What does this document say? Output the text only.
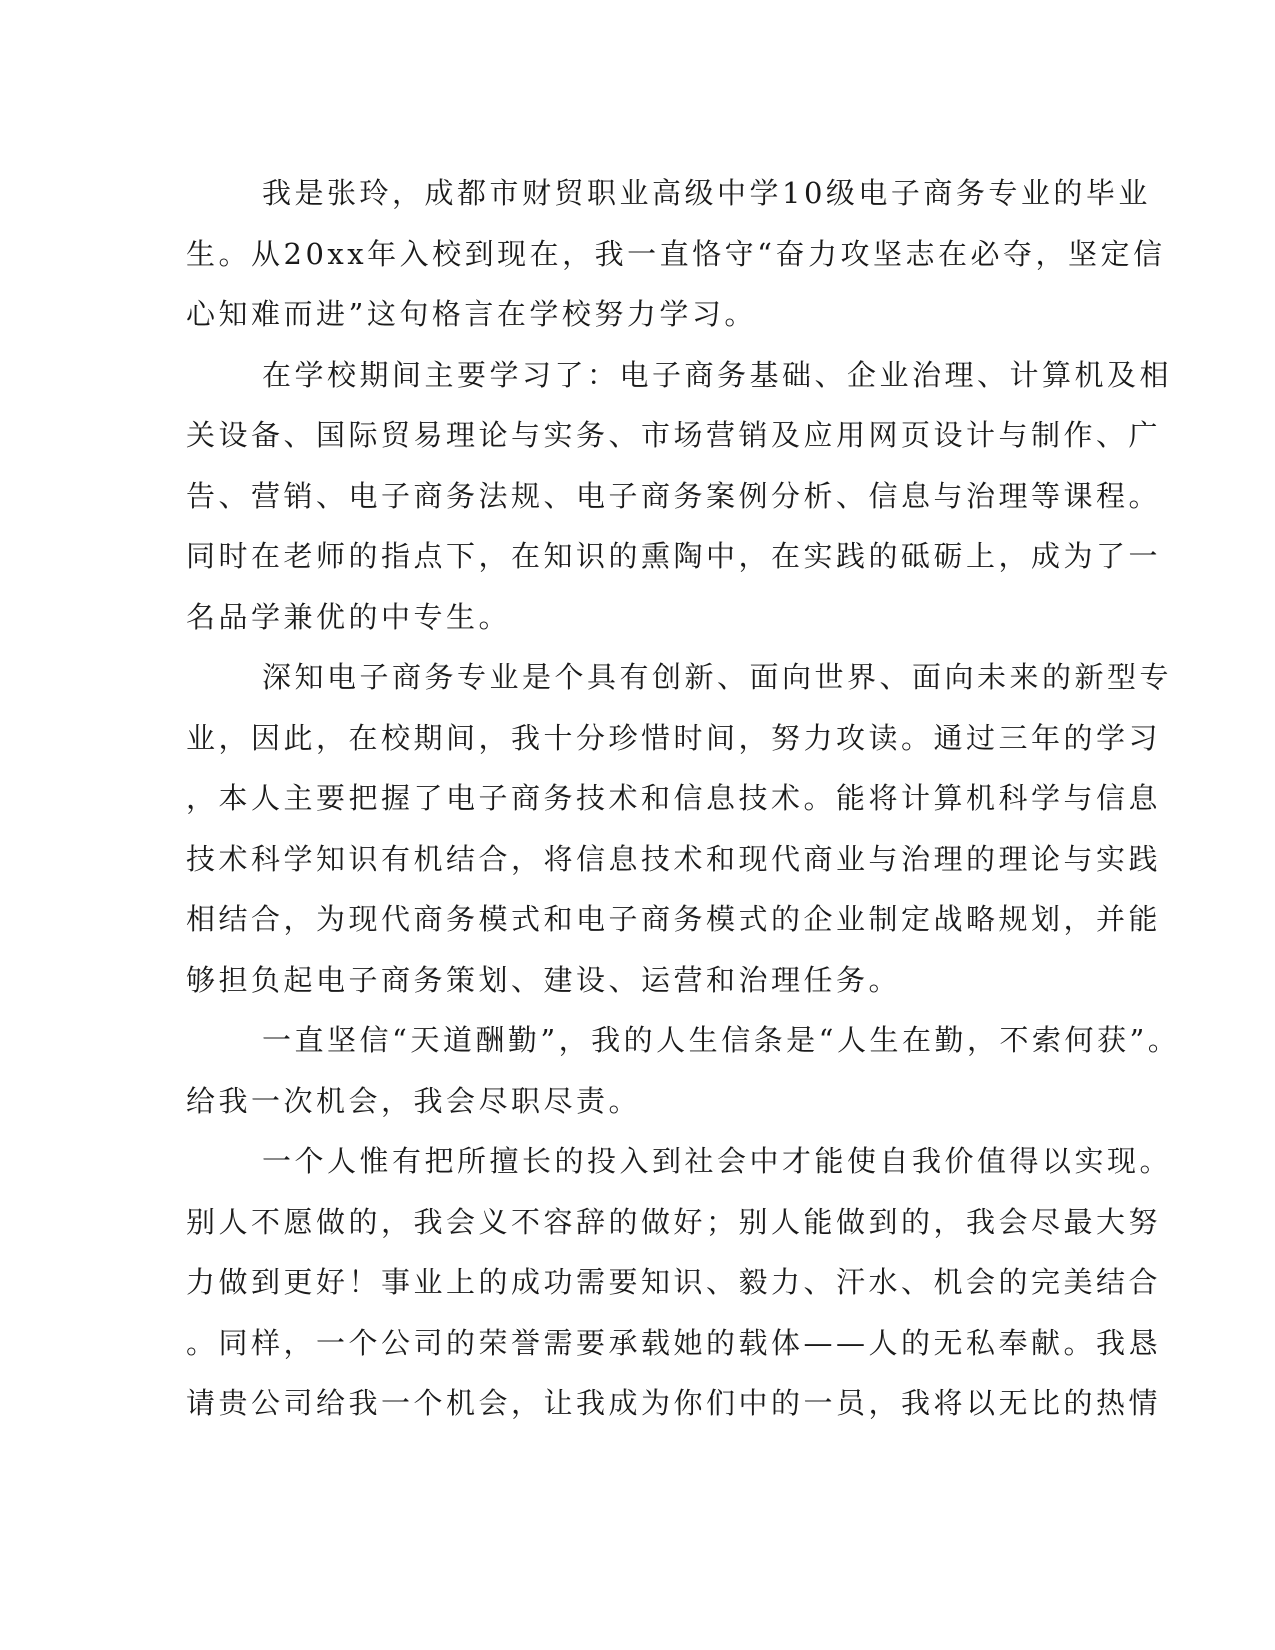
我是张玲，成都市财贸职业高级中学10级电子商务专业的毕业
生。从20xx年入校到现在，我一直恪守“奋力攻坚志在必夺，坚定信
心知难而进”这句格言在学校努力学习。

在学校期间主要学习了：电子商务基础、企业治理、计算机及相
关设备、国际贸易理论与实务、市场营销及应用网页设计与制作、广
告、营销、电子商务法规、电子商务案例分析、信息与治理等课程。
同时在老师的指点下，在知识的熏陶中，在实践的砥砺上，成为了一
名品学兼优的中专生。

深知电子商务专业是个具有创新、面向世界、面向未来的新型专
业，因此，在校期间，我十分珍惜时间，努力攻读。通过三年的学习
，本人主要把握了电子商务技术和信息技术。能将计算机科学与信息
技术科学知识有机结合，将信息技术和现代商业与治理的理论与实践
相结合，为现代商务模式和电子商务模式的企业制定战略规划，并能
够担负起电子商务策划、建设、运营和治理任务。

一直坚信“天道酬勤”，我的人生信条是“人生在勤，不索何获”。
给我一次机会，我会尽职尽责。

一个人惟有把所擅长的投入到社会中才能使自我价值得以实现。
别人不愿做的，我会义不容辞的做好；别人能做到的，我会尽最大努
力做到更好！事业上的成功需要知识、毅力、汗水、机会的完美结合
。同样，一个公司的荣誉需要承载她的载体——人的无私奉献。我恳
请贵公司给我一个机会，让我成为你们中的一员，我将以无比的热情
